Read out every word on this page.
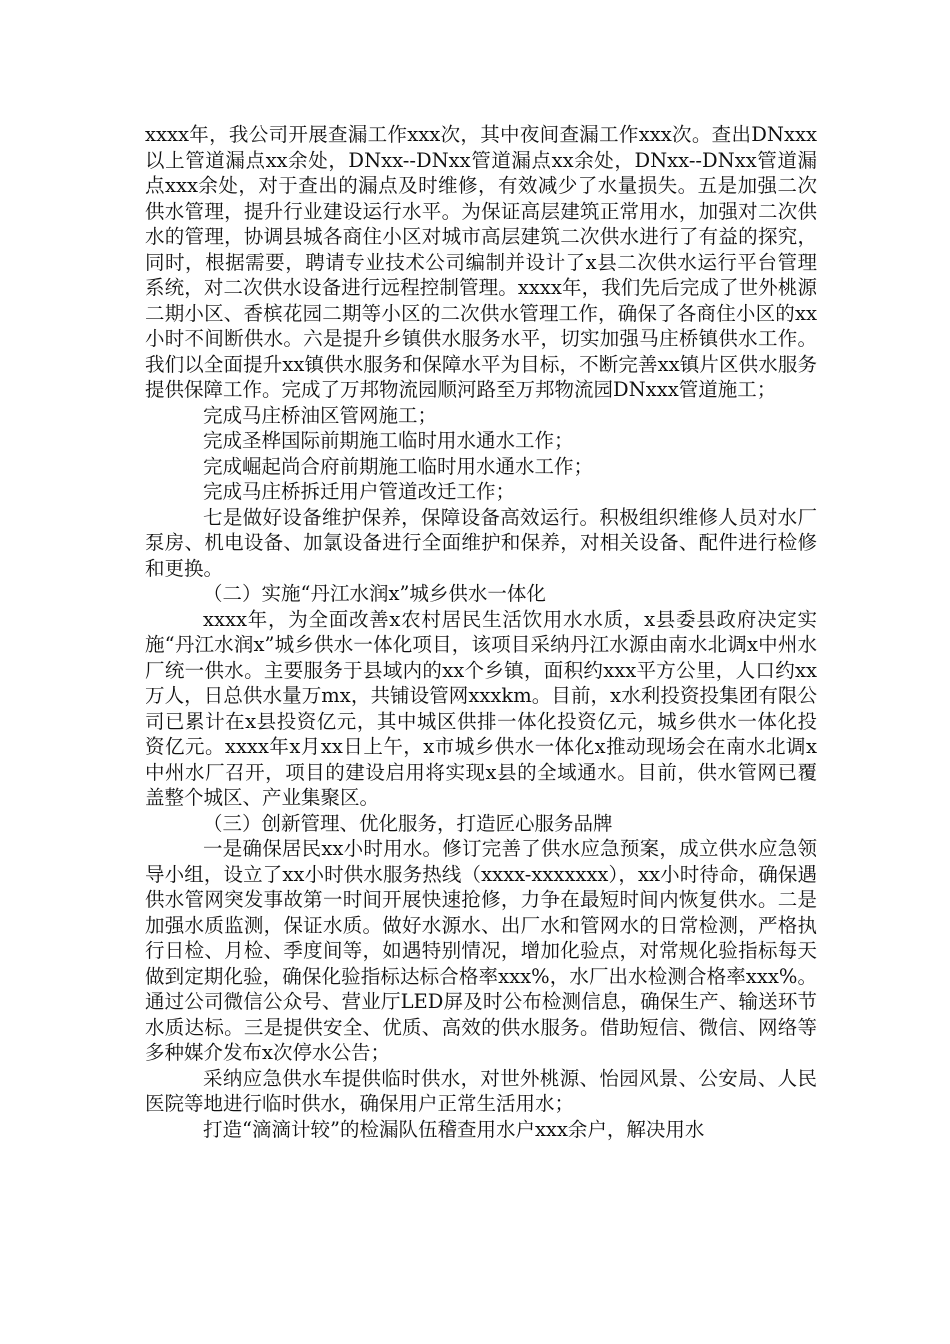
xxxx年，我公司开展查漏工作xxx次，其中夜间查漏工作xxx次。查出DNxxx以上管道漏点xx余处，DNxx--DNxx管道漏点xx余处，DNxx--DNxx管道漏点xxx余处，对于查出的漏点及时维修，有效减少了水量损失。五是加强二次供水管理，提升行业建设运行水平。为保证高层建筑正常用水，加强对二次供水的管理，协调县城各商住小区对城市高层建筑二次供水进行了有益的探究，同时，根据需要，聘请专业技术公司编制并设计了x县二次供水运行平台管理系统，对二次供水设备进行远程控制管理。xxxx年，我们先后完成了世外桃源二期小区、香槟花园二期等小区的二次供水管理工作，确保了各商住小区的xx小时不间断供水。六是提升乡镇供水服务水平，切实加强马庄桥镇供水工作。我们以全面提升xx镇供水服务和保障水平为目标，不断完善xx镇片区供水服务提供保障工作。完成了万邦物流园顺河路至万邦物流园DNxxx管道施工；

完成马庄桥油区管网施工；

完成圣桦国际前期施工临时用水通水工作；

完成崛起尚合府前期施工临时用水通水工作；

完成马庄桥拆迁用户管道改迁工作；

七是做好设备维护保养，保障设备高效运行。积极组织维修人员对水厂泵房、机电设备、加氯设备进行全面维护和保养，对相关设备、配件进行检修和更换。

（二）实施“丹江水润x”城乡供水一体化

xxxx年，为全面改善x农村居民生活饮用水水质，x县委县政府决定实施“丹江水润x”城乡供水一体化项目，该项目采纳丹江水源由南水北调x中州水厂统一供水。主要服务于县域内的xx个乡镇，面积约xxx平方公里，人口约xx万人，日总供水量万mx，共铺设管网xxxkm。目前，x水利投资投集团有限公司已累计在x县投资亿元，其中城区供排一体化投资亿元，城乡供水一体化投资亿元。xxxx年x月xx日上午，x市城乡供水一体化x推动现场会在南水北调x中州水厂召开，项目的建设启用将实现x县的全域通水。目前，供水管网已覆盖整个城区、产业集聚区。

（三）创新管理、优化服务，打造匠心服务品牌

一是确保居民xx小时用水。修订完善了供水应急预案，成立供水应急领导小组，设立了xx小时供水服务热线（xxxx-xxxxxxx），xx小时待命，确保遇供水管网突发事故第一时间开展快速抢修，力争在最短时间内恢复供水。二是加强水质监测，保证水质。做好水源水、出厂水和管网水的日常检测，严格执行日检、月检、季度间等，如遇特别情况，增加化验点，对常规化验指标每天做到定期化验，确保化验指标达标合格率xxx%，水厂出水检测合格率xxx%。通过公司微信公众号、营业厅LED屏及时公布检测信息，确保生产、输送环节水质达标。三是提供安全、优质、高效的供水服务。借助短信、微信、网络等多种媒介发布x次停水公告；

采纳应急供水车提供临时供水，对世外桃源、怡园风景、公安局、人民医院等地进行临时供水，确保用户正常生活用水；

打造“滴滴计较”的检漏队伍稽查用水户xxx余户，解决用水
